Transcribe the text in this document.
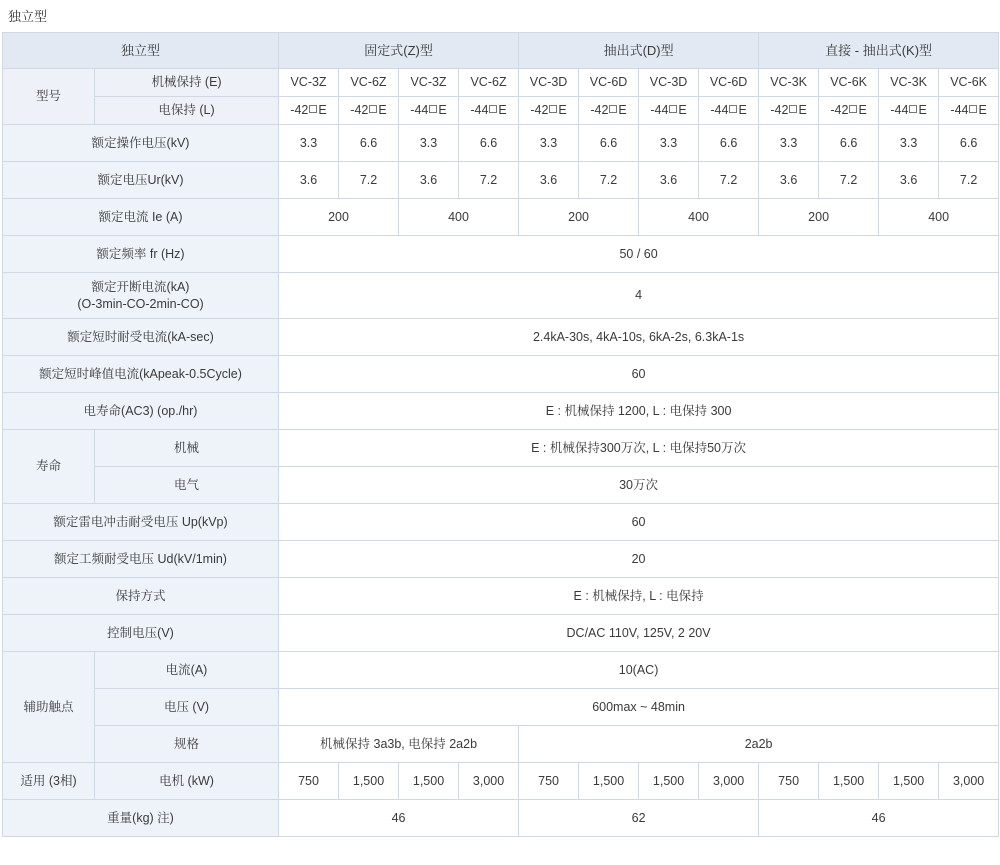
独立型
独立型		固定式(Z)型				抽出式(D)型				直接 - 抽出式(K)型			
型号	机械保持 (E)	VC-3Z	VC-6Z	VC-3Z	VC-6Z	VC-3D	VC-6D	VC-3D	VC-6D	VC-3K	VC-6K	VC-3K	VC-6K
	电保持 (L)	-42 E	-42 E	-44 E	-44 E	-42 E	-42 E	-44 E	-44 E	-42 E	-42 E	-44 E	-44 E
额定操作电压(kV)		3.3	6.6	3.3	6.6	3.3	6.6	3.3	6.6	3.3	6.6	3.3	6.6
额定电压Ur(kV)		3.6	7.2	3.6	7.2	3.6	7.2	3.6	7.2	3.6	7.2	3.6	7.2
额定电流 Ie (A)		200		400		200		400		200		400	
额定频率 fr (Hz)		50 / 60											

额定开断电流(kA)
(O-3min-CO-2min-CO)		4											
额定短时耐受电流(kA-sec)		2.4kA-30s, 4kA-10s, 6kA-2s, 6.3kA-1s											
额定短时峰值电流(kApeak-0.5Cycle)		60											
电寿命(AC3) (op./hr)		E : 机械保持 1200, L : 电保持 300											
寿命	机械	E : 机械保持300万次, L : 电保持50万次											
	电气	30万次											
额定雷电冲击耐受电压 Up(kVp)		60											
额定工频耐受电压 Ud(kV/1min)		20											
保持方式		E : 机械保持, L : 电保持											
控制电压(V)		DC/AC 110V, 125V, 2 20V											
辅助触点	电流(A)	10(AC)											
	电压 (V)	600max ~ 48min											
	规格	机械保持 3a3b, 电保持 2a2b				2a2b							
适用 (3相)	电机 (kW)	750	1,500	1,500	3,000	750	1,500	1,500	3,000	750	1,500	1,500	3,000
重量(kg) 注)		46				62				46			
